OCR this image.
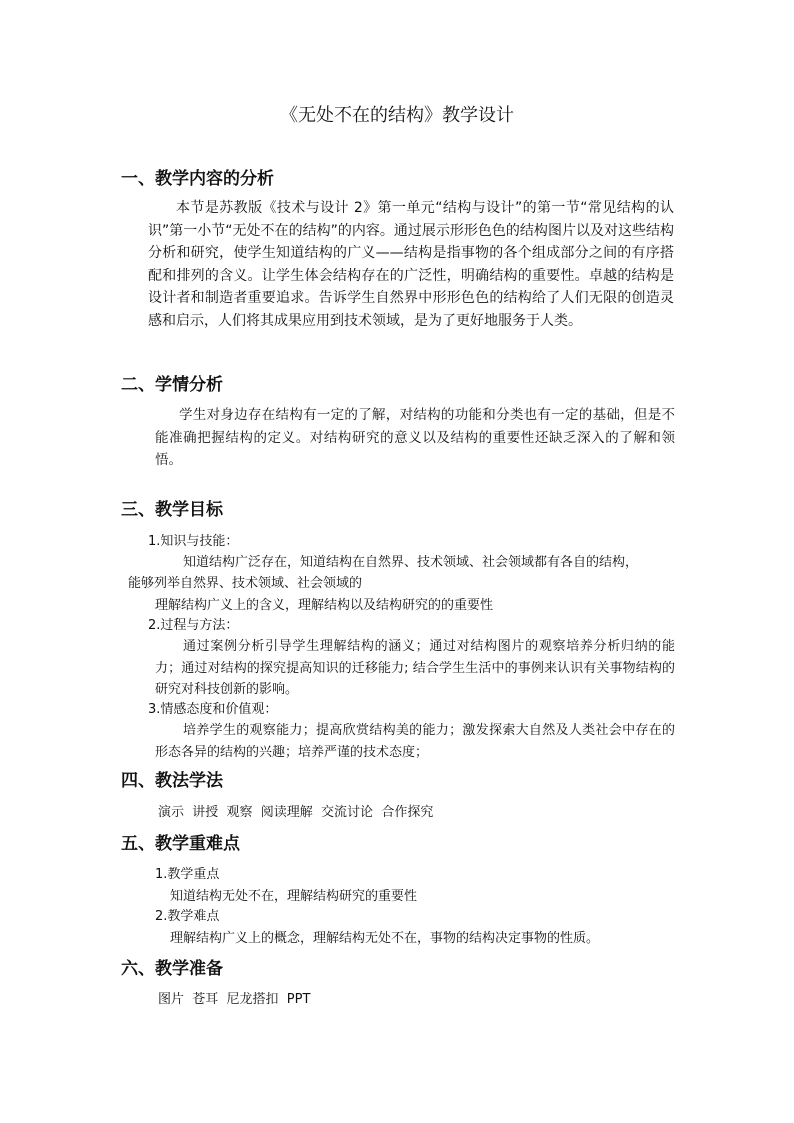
《无处不在的结构》教学设计
一、教学内容的分析
本节是苏教版《技术与设计 2》第一单元“结构与设计”的第一节“常见结构的认识”第一小节“无处不在的结构”的内容。通过展示形形色色的结构图片以及对这些结构分析和研究，使学生知道结构的广义——结构是指事物的各个组成部分之间的有序搭配和排列的含义。让学生体会结构存在的广泛性，明确结构的重要性。卓越的结构是设计者和制造者重要追求。告诉学生自然界中形形色色的结构给了人们无限的创造灵感和启示，人们将其成果应用到技术领域，是为了更好地服务于人类。
二、学情分析
学生对身边存在结构有一定的了解，对结构的功能和分类也有一定的基础，但是不能准确把握结构的定义。对结构研究的意义以及结构的重要性还缺乏深入的了解和领悟。
三、教学目标
1.知识与技能：
知道结构广泛存在，知道结构在自然界、技术领域、社会领域都有各自的结构，
能够列举自然界、技术领域、社会领域的
理解结构广义上的含义，理解结构以及结构研究的的重要性
2.过程与方法：
通过案例分析引导学生理解结构的涵义；通过对结构图片的观察培养分析归纳的能力；通过对结构的探究提高知识的迁移能力; 结合学生生活中的事例来认识有关事物结构的研究对科技创新的影响。
3.情感态度和价值观：
培养学生的观察能力；提高欣赏结构美的能力；激发探索大自然及人类社会中存在的形态各异的结构的兴趣；培养严谨的技术态度；
四、教法学法
演示  讲授  观察  阅读理解  交流讨论  合作探究
五、教学重难点
1.教学重点
知道结构无处不在，理解结构研究的重要性
2.教学难点
理解结构广义上的概念，理解结构无处不在，事物的结构决定事物的性质。
六、教学准备
图片  苍耳  尼龙搭扣  PPT
